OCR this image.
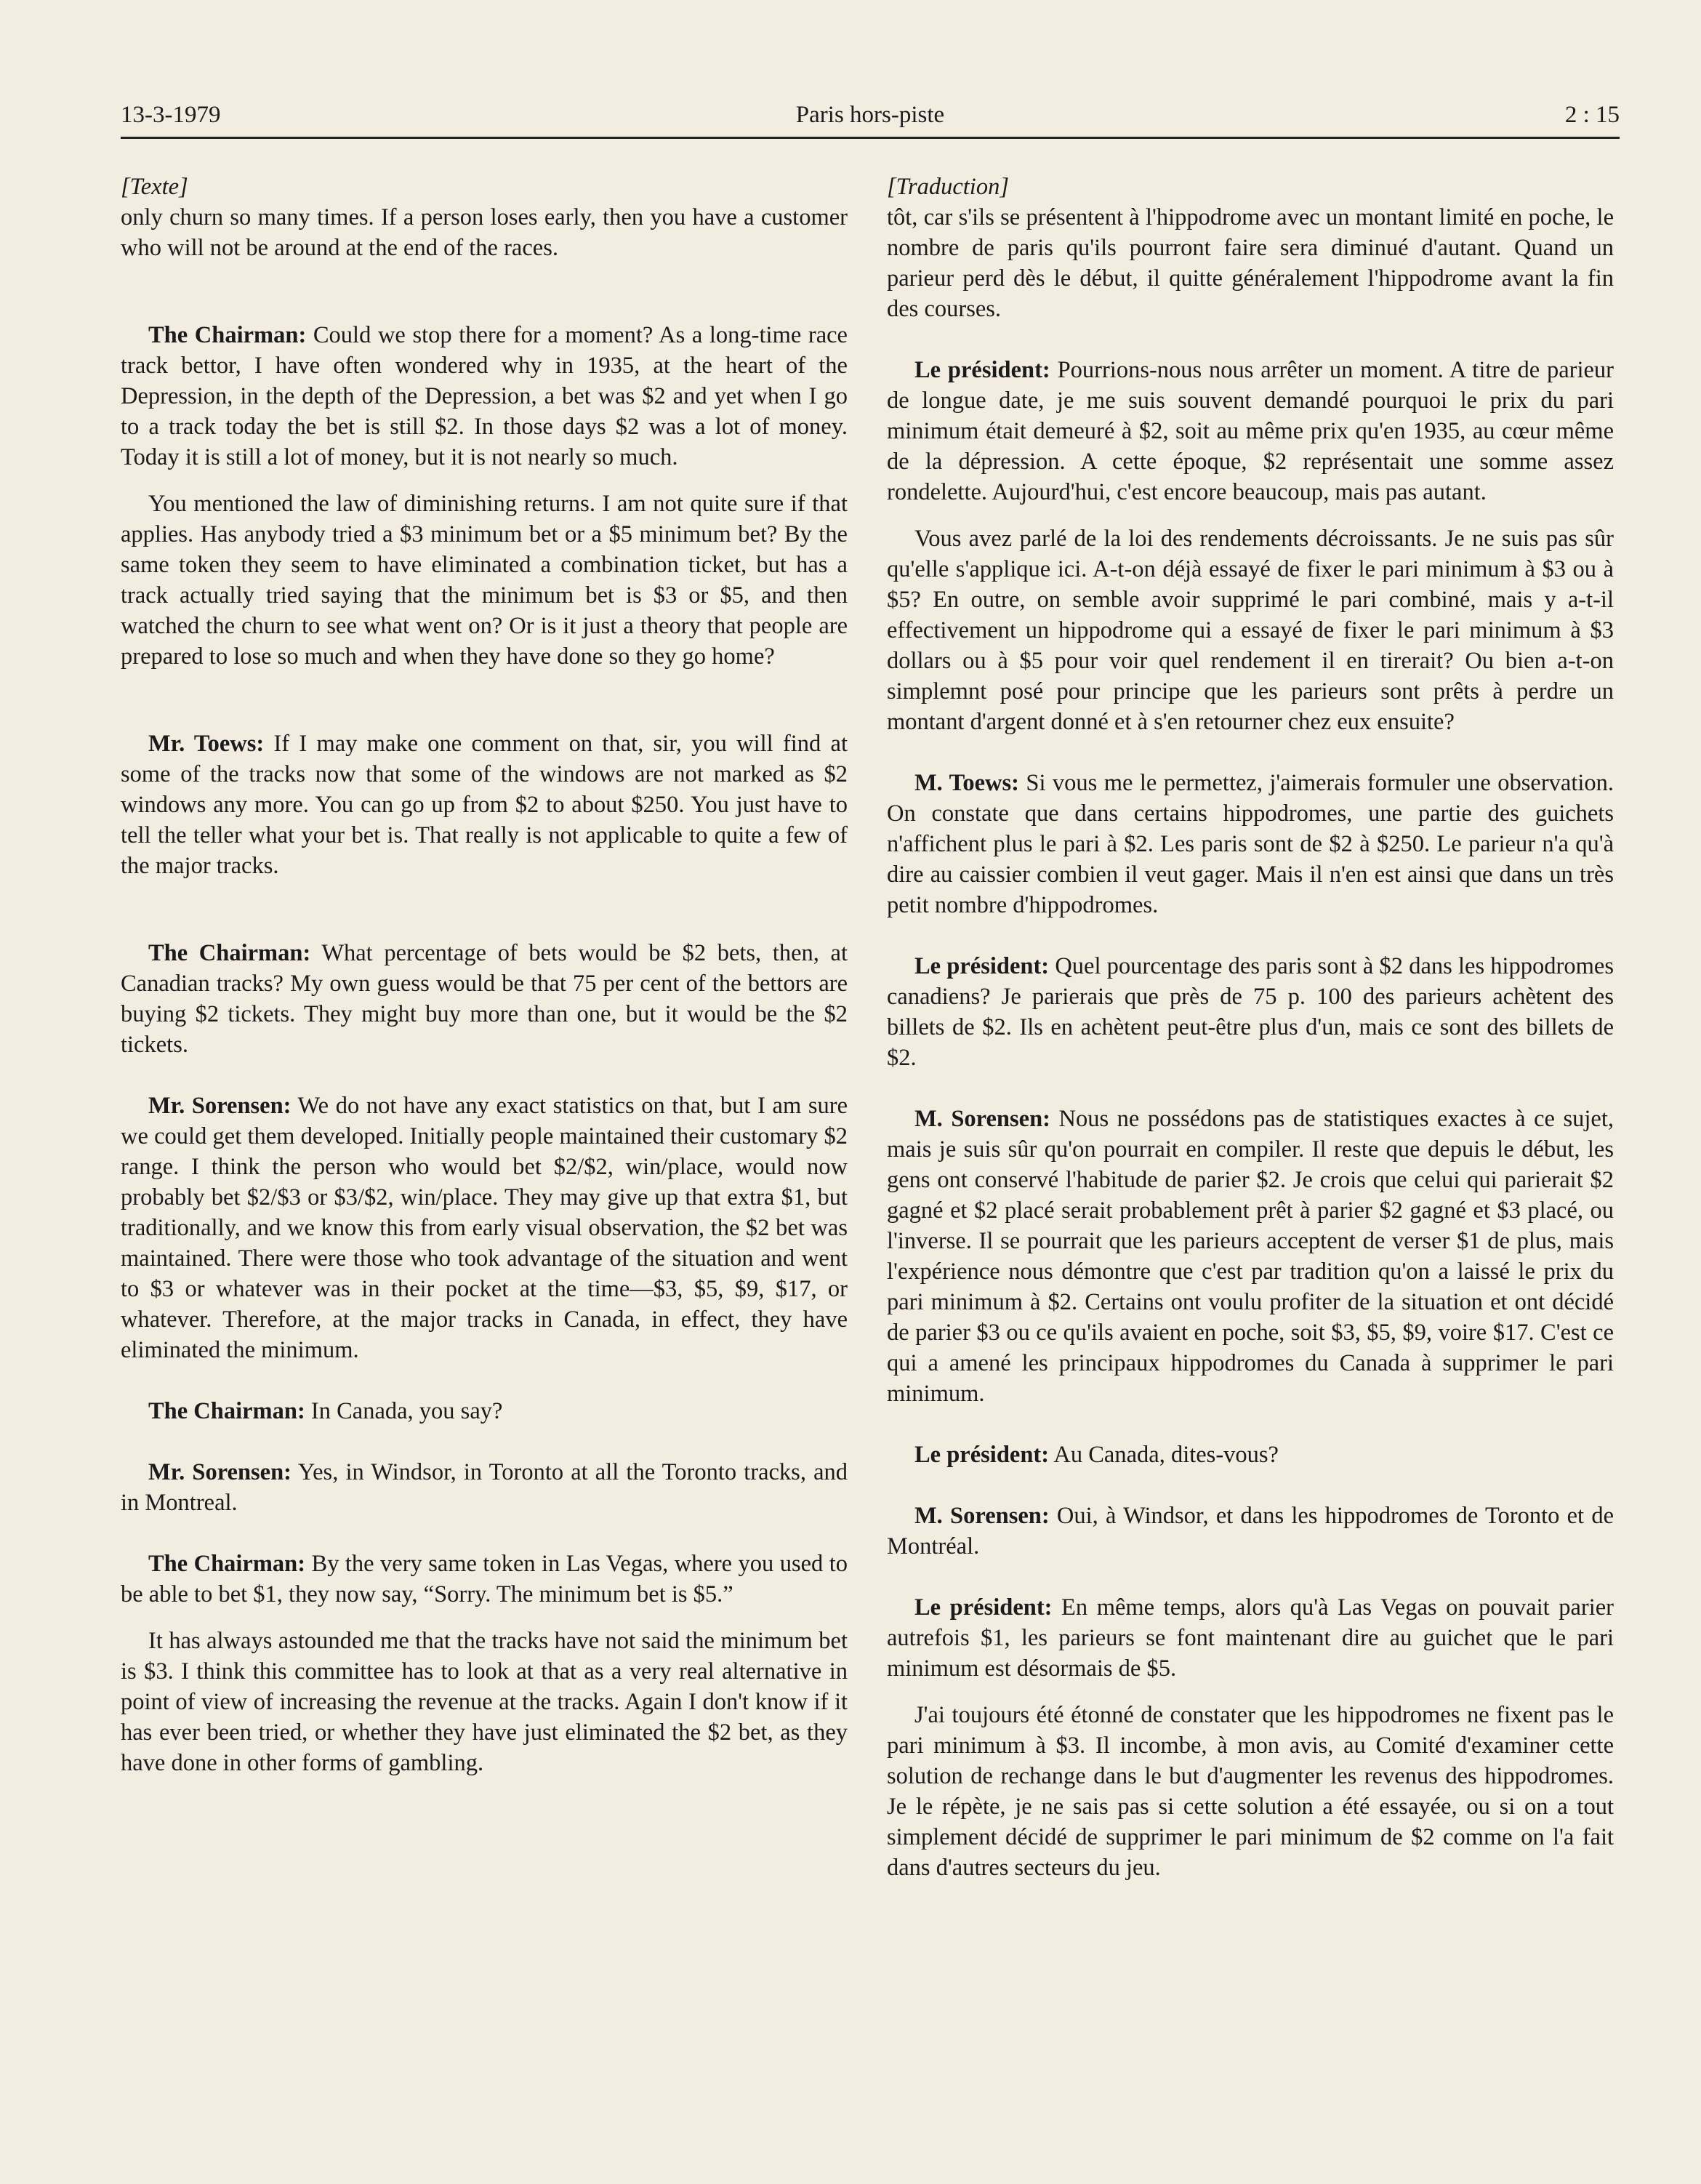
13-3-1979	Paris hors-piste	2 : 15
[Texte]

only churn so many times. If a person loses early, then you have a customer who will not be around at the end of the races.

The Chairman: Could we stop there for a moment? As a long-time race track bettor, I have often wondered why in 1935, at the heart of the Depression, in the depth of the Depression, a bet was $2 and yet when I go to a track today the bet is still $2. In those days $2 was a lot of money. Today it is still a lot of money, but it is not nearly so much.

You mentioned the law of diminishing returns. I am not quite sure if that applies. Has anybody tried a $3 minimum bet or a $5 minimum bet? By the same token they seem to have eliminated a combination ticket, but has a track actually tried saying that the minimum bet is $3 or $5, and then watched the churn to see what went on? Or is it just a theory that people are prepared to lose so much and when they have done so they go home?

Mr. Toews: If I may make one comment on that, sir, you will find at some of the tracks now that some of the windows are not marked as $2 windows any more. You can go up from $2 to about $250. You just have to tell the teller what your bet is. That really is not applicable to quite a few of the major tracks.

The Chairman: What percentage of bets would be $2 bets, then, at Canadian tracks? My own guess would be that 75 per cent of the bettors are buying $2 tickets. They might buy more than one, but it would be the $2 tickets.

Mr. Sorensen: We do not have any exact statistics on that, but I am sure we could get them developed. Initially people maintained their customary $2 range. I think the person who would bet $2/$2, win/place, would now probably bet $2/$3 or $3/$2, win/place. They may give up that extra $1, but traditionally, and we know this from early visual observation, the $2 bet was maintained. There were those who took advantage of the situation and went to $3 or whatever was in their pocket at the time—$3, $5, $9, $17, or whatever. Therefore, at the major tracks in Canada, in effect, they have eliminated the minimum.

The Chairman: In Canada, you say?

Mr. Sorensen: Yes, in Windsor, in Toronto at all the Toronto tracks, and in Montreal.

The Chairman: By the very same token in Las Vegas, where you used to be able to bet $1, they now say, “Sorry. The minimum bet is $5.”

It has always astounded me that the tracks have not said the minimum bet is $3. I think this committee has to look at that as a very real alternative in point of view of increasing the revenue at the tracks. Again I don't know if it has ever been tried, or whether they have just eliminated the $2 bet, as they have done in other forms of gambling.

[Traduction]

tôt, car s'ils se présentent à l'hippodrome avec un montant limité en poche, le nombre de paris qu'ils pourront faire sera diminué d'autant. Quand un parieur perd dès le début, il quitte généralement l'hippodrome avant la fin des courses.

Le président: Pourrions-nous nous arrêter un moment. A titre de parieur de longue date, je me suis souvent demandé pourquoi le prix du pari minimum était demeuré à $2, soit au même prix qu'en 1935, au cœur même de la dépression. A cette époque, $2 représentait une somme assez rondelette. Aujourd'hui, c'est encore beaucoup, mais pas autant.

Vous avez parlé de la loi des rendements décroissants. Je ne suis pas sûr qu'elle s'applique ici. A-t-on déjà essayé de fixer le pari minimum à $3 ou à $5? En outre, on semble avoir supprimé le pari combiné, mais y a-t-il effectivement un hippodrome qui a essayé de fixer le pari minimum à $3 dollars ou à $5 pour voir quel rendement il en tirerait? Ou bien a-t-on simplemnt posé pour principe que les parieurs sont prêts à perdre un montant d'argent donné et à s'en retourner chez eux ensuite?

M. Toews: Si vous me le permettez, j'aimerais formuler une observation. On constate que dans certains hippodromes, une partie des guichets n'affichent plus le pari à $2. Les paris sont de $2 à $250. Le parieur n'a qu'à dire au caissier combien il veut gager. Mais il n'en est ainsi que dans un très petit nombre d'hippodromes.

Le président: Quel pourcentage des paris sont à $2 dans les hippodromes canadiens? Je parierais que près de 75 p. 100 des parieurs achètent des billets de $2. Ils en achètent peut-être plus d'un, mais ce sont des billets de $2.

M. Sorensen: Nous ne possédons pas de statistiques exactes à ce sujet, mais je suis sûr qu'on pourrait en compiler. Il reste que depuis le début, les gens ont conservé l'habitude de parier $2. Je crois que celui qui parierait $2 gagné et $2 placé serait probablement prêt à parier $2 gagné et $3 placé, ou l'inverse. Il se pourrait que les parieurs acceptent de verser $1 de plus, mais l'expérience nous démontre que c'est par tradition qu'on a laissé le prix du pari minimum à $2. Certains ont voulu profiter de la situation et ont décidé de parier $3 ou ce qu'ils avaient en poche, soit $3, $5, $9, voire $17. C'est ce qui a amené les principaux hippodromes du Canada à supprimer le pari minimum.

Le président: Au Canada, dites-vous?

M. Sorensen: Oui, à Windsor, et dans les hippodromes de Toronto et de Montréal.

Le président: En même temps, alors qu'à Las Vegas on pouvait parier autrefois $1, les parieurs se font maintenant dire au guichet que le pari minimum est désormais de $5.

J'ai toujours été étonné de constater que les hippodromes ne fixent pas le pari minimum à $3. Il incombe, à mon avis, au Comité d'examiner cette solution de rechange dans le but d'augmenter les revenus des hippodromes. Je le répète, je ne sais pas si cette solution a été essayée, ou si on a tout simplement décidé de supprimer le pari minimum de $2 comme on l'a fait dans d'autres secteurs du jeu.
